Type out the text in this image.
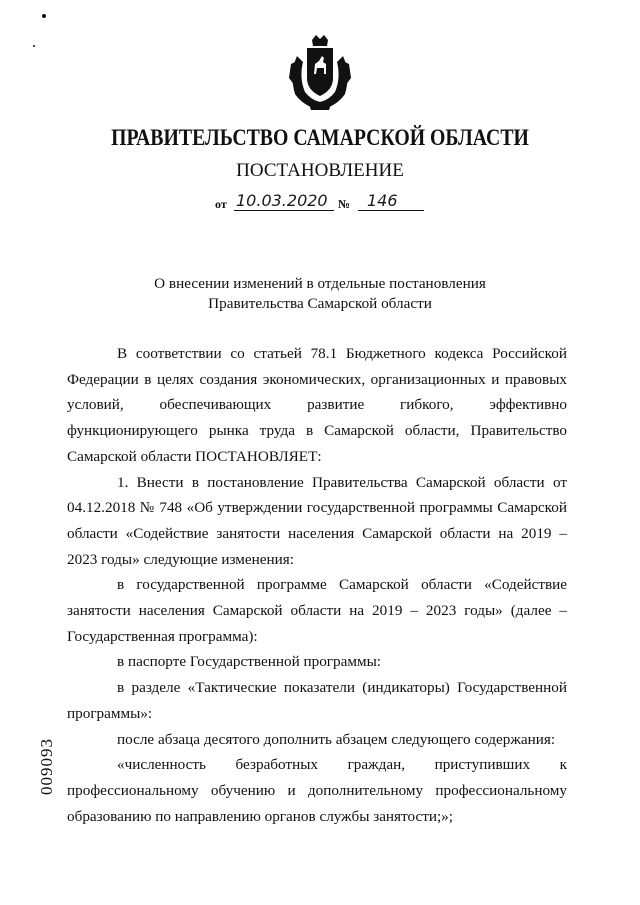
ПРАВИТЕЛЬСТВО САМАРСКОЙ ОБЛАСТИ
ПОСТАНОВЛЕНИЕ
от 10.03.2020 № 146
О внесении изменений в отдельные постановления
Правительства Самарской области

В соответствии со статьей 78.1 Бюджетного кодекса Российской Федерации в целях создания экономических, организационных и правовых условий, обеспечивающих развитие гибкого, эффективно функционирующего рынка труда в Самарской области, Правительство Самарской области ПОСТАНОВЛЯЕТ:

1. Внести в постановление Правительства Самарской области от 04.12.2018 № 748 «Об утверждении государственной программы Самарской области «Содействие занятости населения Самарской области на 2019 – 2023 годы» следующие изменения:

в государственной программе Самарской области «Содействие занятости населения Самарской области на 2019 – 2023 годы» (далее – Государственная программа):

в паспорте Государственной программы:

в разделе «Тактические показатели (индикаторы) Государственной программы»:

после абзаца десятого дополнить абзацем следующего содержания:

«численность безработных граждан, приступивших к профессиональному обучению и дополнительному профессиональному образованию по направлению органов службы занятости;»;

009093
